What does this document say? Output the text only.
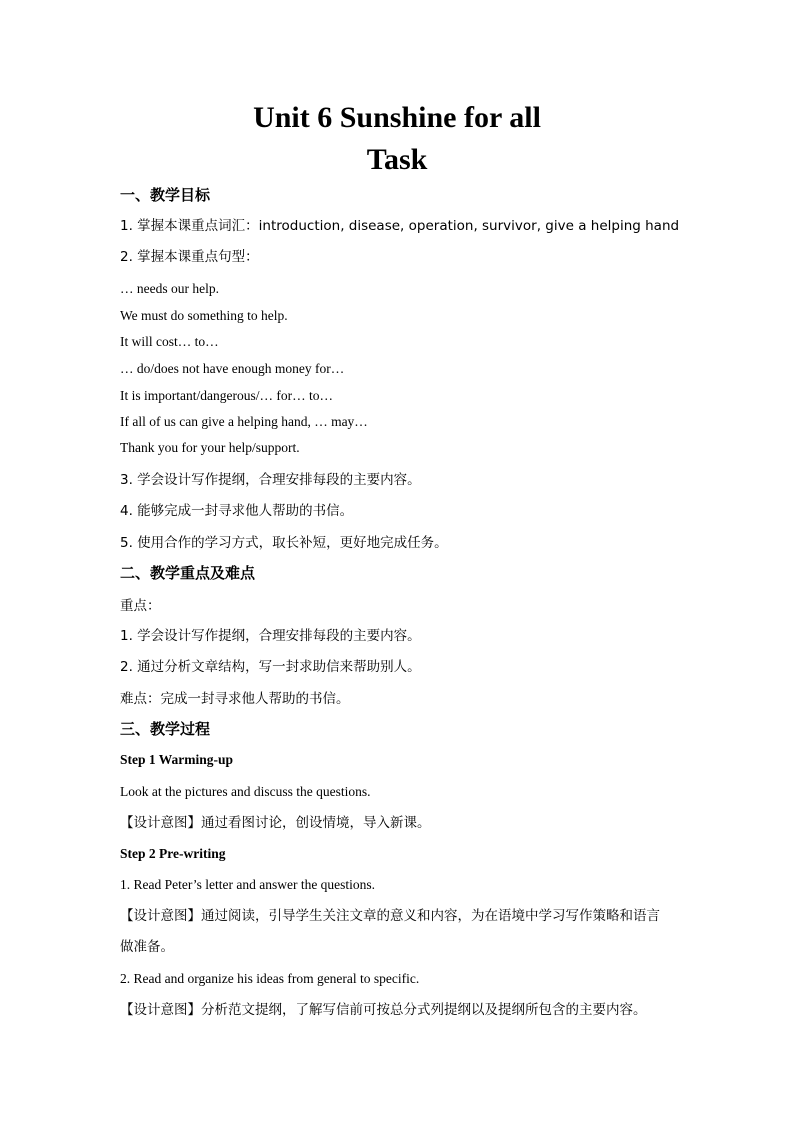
Unit 6 Sunshine for all
Task
一、教学目标
1. 掌握本课重点词汇：introduction, disease, operation, survivor, give a helping hand
2. 掌握本课重点句型：
… needs our help.
We must do something to help.
It will cost… to…
… do/does not have enough money for…
It is important/dangerous/… for… to…
If all of us can give a helping hand, … may…
Thank you for your help/support.
3. 学会设计写作提纲，合理安排每段的主要内容。
4. 能够完成一封寻求他人帮助的书信。
5. 使用合作的学习方式，取长补短，更好地完成任务。
二、教学重点及难点
重点：
1. 学会设计写作提纲，合理安排每段的主要内容。
2. 通过分析文章结构，写一封求助信来帮助别人。
难点：完成一封寻求他人帮助的书信。
三、教学过程
Step 1 Warming-up
Look at the pictures and discuss the questions.
【设计意图】通过看图讨论，创设情境，导入新课。
Step 2 Pre-writing
1. Read Peter’s letter and answer the questions.
【设计意图】通过阅读，引导学生关注文章的意义和内容，为在语境中学习写作策略和语言
做准备。
2. Read and organize his ideas from general to specific.
【设计意图】分析范文提纲，了解写信前可按总分式列提纲以及提纲所包含的主要内容。
